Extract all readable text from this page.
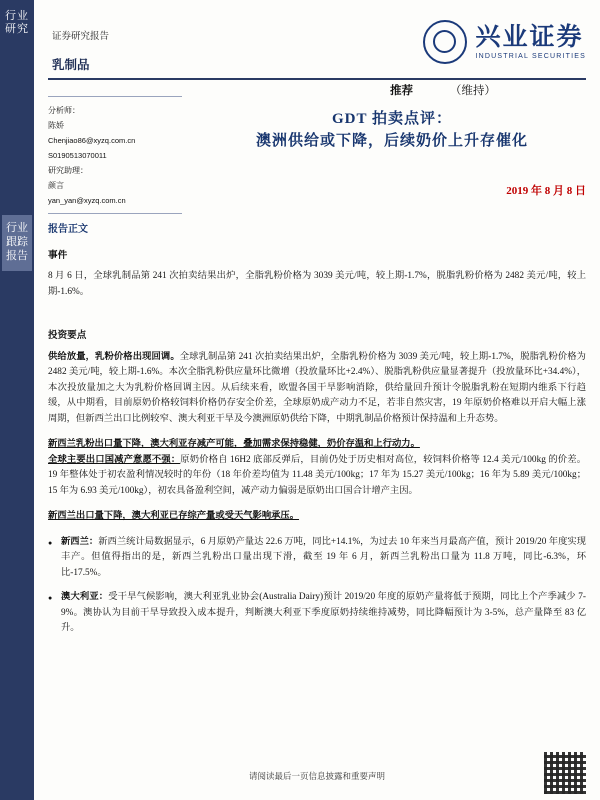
行业研究
行业
跟踪报告
证券研究报告
乳制品
兴业证券
INDUSTRIAL SECURITIES
推荐	（维持）
GDT 拍卖点评：
澳洲供给或下降，后续奶价上升存催化
2019 年 8 月 8 日
分析师：
陈娇
Chenjiao86@xyzq.com.cn
S0190513070011
研究助理：
颜言
yan_yan@xyzq.com.cn
报告正文
事件
8 月 6 日，全球乳制品第 241 次拍卖结果出炉，全脂乳粉价格为 3039 美元/吨，较上期-1.7%，脱脂乳粉价格为 2482 美元/吨，较上期-1.6%。
投资要点
供给放量，乳粉价格出现回调。全球乳制品第 241 次拍卖结果出炉，全脂乳粉价格为 3039 美元/吨，较上期-1.7%，脱脂乳粉价格为 2482 美元/吨，较上期-1.6%。本次全脂乳粉供应量环比微增（投放量环比+2.4%）、脱脂乳粉供应量显著提升（投放量环比+34.4%），本次投放量加之大为乳粉价格回调主因。从后续来看，欧盟各国干旱影响消除，供给量回升预计令脱脂乳粉在短期内维系下行趋缓，从中期看，目前原奶价格较饲料价格仍存安全价差，全球原奶成产动力不足，若非自然灾害，19 年原奶价格难以开启大幅上涨周期，但新西兰出口比例较窄、澳大利亚干旱及今澳洲原奶供给下降，中期乳制品价格预计保持温和上升态势。
新西兰乳粉出口量下降，澳大利亚存减产可能，叠加需求保持稳健，奶价存温和上行动力。
全球主要出口国减产意愿不强：原奶价格自 16H2 底部反弹后，目前仍处于历史相对高位，较饲料价格等 12.4 美元/100kg 的价差。19 年整体处于初农盈利情况较时的年份（18 年价差均值为 11.48 美元/100kg；17 年为 15.27 美元/100kg；16 年为 5.89 美元/100kg；15 年为 6.93 美元/100kg），初农具备盈利空间，减产动力偏弱是原奶出口国合计增产主因。
新西兰出口量下降，澳大利亚已存综产量或受天气影响承压。
● 新西兰：新西兰统计局数据显示，6 月原奶产量达 22.6 万吨，同比+14.1%，为过去 10 年来当月最高产值，预计 2019/20 年度实现丰产。但值得指出的是，新西兰乳粉出口量出现下滑，截至 19 年 6 月，新西兰乳粉出口量为 11.8 万吨，同比-6.3%，环比-17.5%。
● 澳大利亚：受干旱气候影响，澳大利亚乳业协会(Australia Dairy)预计 2019/20 年度的原奶产量将低于预期，同比上个产季减少 7-9%。澳协认为目前干旱导致投入成本提升，判断澳大利亚下季度原奶持续维持减势，同比降幅预计为 3-5%，总产量降至 83 亿升。
请阅读最后一页信息披露和重要声明
